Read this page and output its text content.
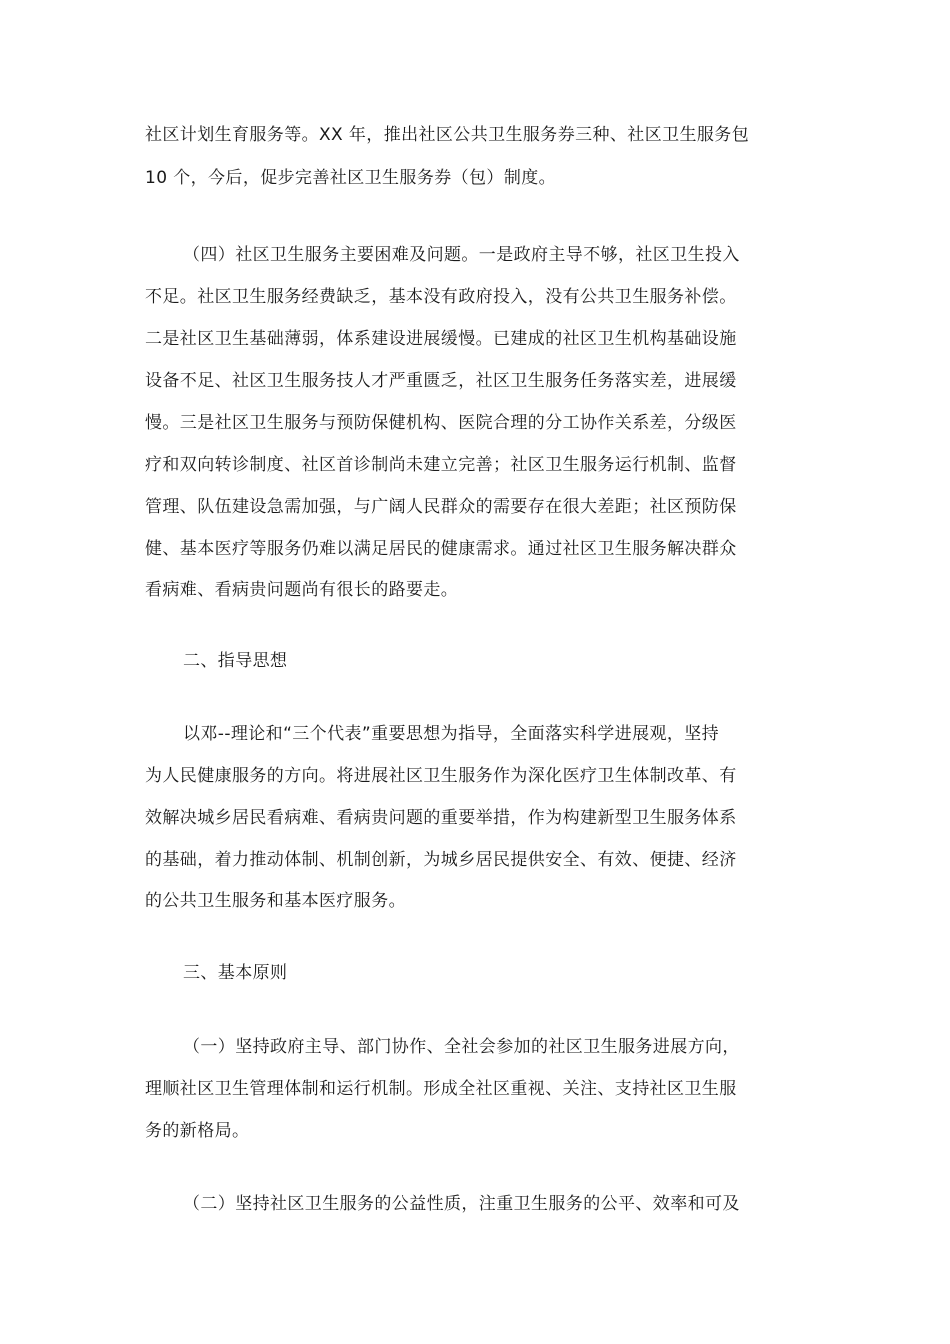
社区计划生育服务等。XX 年，推出社区公共卫生服务券三种、社区卫生服务包
10 个，今后，促步完善社区卫生服务券（包）制度。
（四）社区卫生服务主要困难及问题。一是政府主导不够，社区卫生投入
不足。社区卫生服务经费缺乏，基本没有政府投入，没有公共卫生服务补偿。
二是社区卫生基础薄弱，体系建设进展缓慢。已建成的社区卫生机构基础设施
设备不足、社区卫生服务技人才严重匮乏，社区卫生服务任务落实差，进展缓
慢。三是社区卫生服务与预防保健机构、医院合理的分工协作关系差，分级医
疗和双向转诊制度、社区首诊制尚未建立完善；社区卫生服务运行机制、监督
管理、队伍建设急需加强，与广阔人民群众的需要存在很大差距；社区预防保
健、基本医疗等服务仍难以满足居民的健康需求。通过社区卫生服务解决群众
看病难、看病贵问题尚有很长的路要走。
二、指导思想
以邓--理论和“三个代表”重要思想为指导，全面落实科学进展观，坚持
为人民健康服务的方向。将进展社区卫生服务作为深化医疗卫生体制改革、有
效解决城乡居民看病难、看病贵问题的重要举措，作为构建新型卫生服务体系
的基础，着力推动体制、机制创新，为城乡居民提供安全、有效、便捷、经济
的公共卫生服务和基本医疗服务。
三、基本原则
（一）坚持政府主导、部门协作、全社会参加的社区卫生服务进展方向，
理顺社区卫生管理体制和运行机制。形成全社区重视、关注、支持社区卫生服
务的新格局。
（二）坚持社区卫生服务的公益性质，注重卫生服务的公平、效率和可及
